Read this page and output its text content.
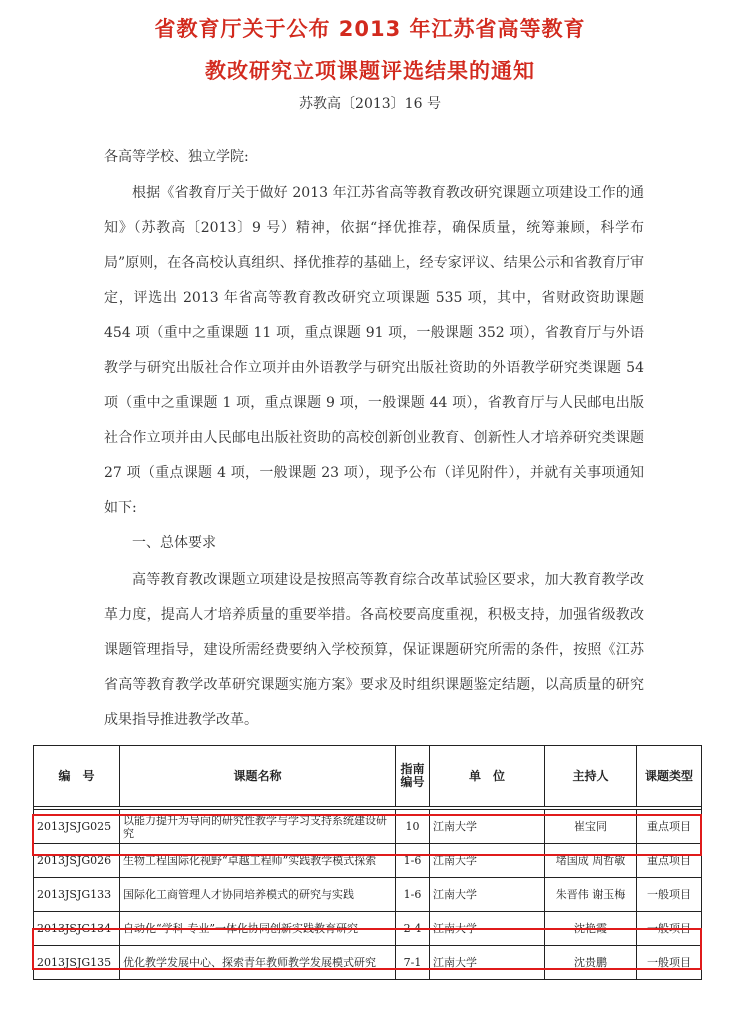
省教育厅关于公布 2013 年江苏省高等教育
教改研究立项课题评选结果的通知
苏教高〔2013〕16 号
各高等学校、独立学院:
根据《省教育厅关于做好 2013 年江苏省高等教育教改研究课题立项建设工作的通知》（苏教高〔2013〕9 号）精神，依据“择优推荐，确保质量，统筹兼顾，科学布局”原则，在各高校认真组织、择优推荐的基础上，经专家评议、结果公示和省教育厅审定，评选出 2013 年省高等教育教改研究立项课题 535 项，其中，省财政资助课题 454 项（重中之重课题 11 项，重点课题 91 项，一般课题 352 项），省教育厅与外语教学与研究出版社合作立项并由外语教学与研究出版社资助的外语教学研究类课题 54 项（重中之重课题 1 项，重点课题 9 项，一般课题 44 项），省教育厅与人民邮电出版社合作立项并由人民邮电出版社资助的高校创新创业教育、创新性人才培养研究类课题 27 项（重点课题 4 项，一般课题 23 项），现予公布（详见附件），并就有关事项通知如下:
一、总体要求
高等教育教改课题立项建设是按照高等教育综合改革试验区要求，加大教育教学改革力度，提高人才培养质量的重要举措。各高校要高度重视，积极支持，加强省级教改课题管理指导，建设所需经费要纳入学校预算，保证课题研究所需的条件，按照《江苏省高等教育教学改革研究课题实施方案》要求及时组织课题鉴定结题，以高质量的研究成果指导推进教学改革。
编　号	课题名称	指南编号	单　位	主持人	课题类型

2013JSJG025	以能力提升为导向的研究性教学与学习支持系统建设研究	10	江南大学	崔宝同	重点项目
2013JSJG026	生物工程国际化视野“卓越工程师”实践教学模式探索	1-6	江南大学	堵国成 周哲敏	重点项目
2013JSJG133	国际化工商管理人才协同培养模式的研究与实践	1-6	江南大学	朱晋伟 谢玉梅	一般项目
2013JSJG134	自动化“学科-专业”一体化协同创新实践教育研究	2-4	江南大学	沈艳霞	一般项目
2013JSJG135	优化教学发展中心、探索青年教师教学发展模式研究	7-1	江南大学	沈贵鹏	一般项目
